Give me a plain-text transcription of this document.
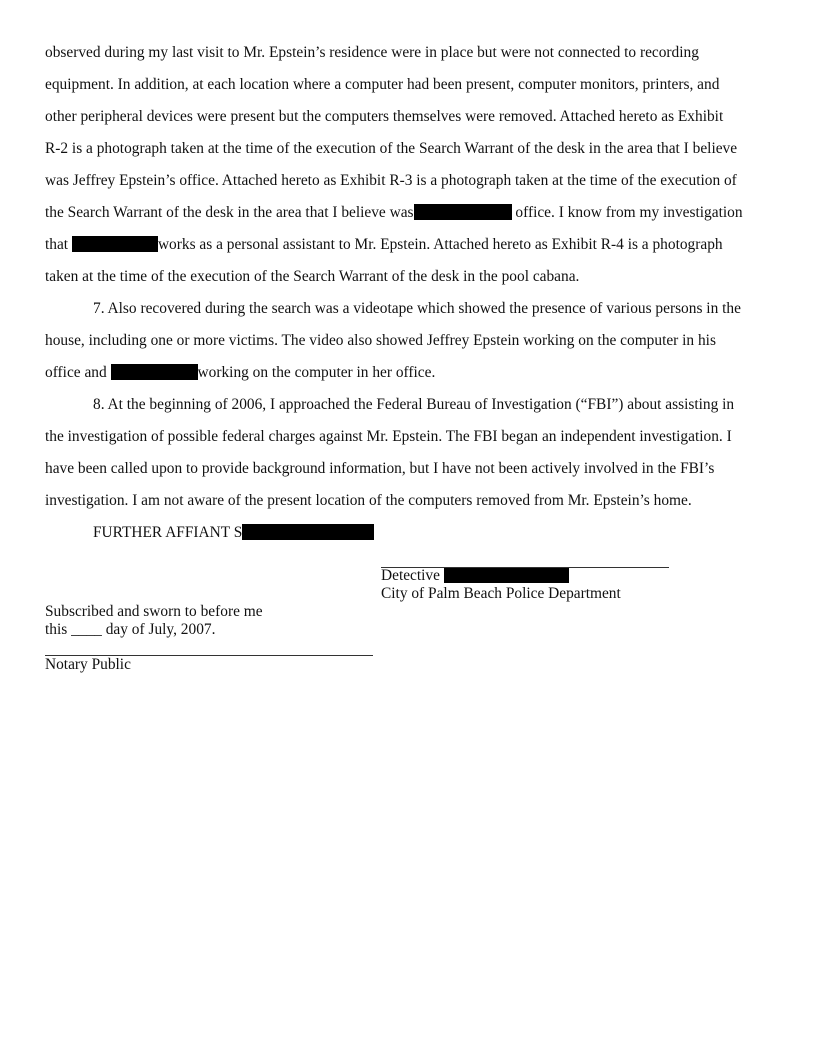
observed during my last visit to Mr. Epstein’s residence were in place but were not connected to recording
equipment. In addition, at each location where a computer had been present, computer monitors, printers, and
other peripheral devices were present but the computers themselves were removed. Attached hereto as Exhibit
R-2 is a photograph taken at the time of the execution of the Search Warrant of the desk in the area that I believe
was Jeffrey Epstein’s office. Attached hereto as Exhibit R-3 is a photograph taken at the time of the execution of
the Search Warrant of the desk in the area that I believe was	office. I know from my investigation
that	works as a personal assistant to Mr. Epstein. Attached hereto as Exhibit R-4 is a photograph
taken at the time of the execution of the Search Warrant of the desk in the pool cabana.
7. Also recovered during the search was a videotape which showed the presence of various persons in the
house, including one or more victims. The video also showed Jeffrey Epstein working on the computer in his
office and	working on the computer in her office.
8. At the beginning of 2006, I approached the Federal Bureau of Investigation (“FBI”) about assisting in
the investigation of possible federal charges against Mr. Epstein. The FBI began an independent investigation. I
have been called upon to provide background information, but I have not been actively involved in the FBI’s
investigation. I am not aware of the present location of the computers removed from Mr. Epstein’s home.
FURTHER AFFIANT S
Detective
City of Palm Beach Police Department
Subscribed and sworn to before me
this ____ day of July, 2007.
Notary Public
